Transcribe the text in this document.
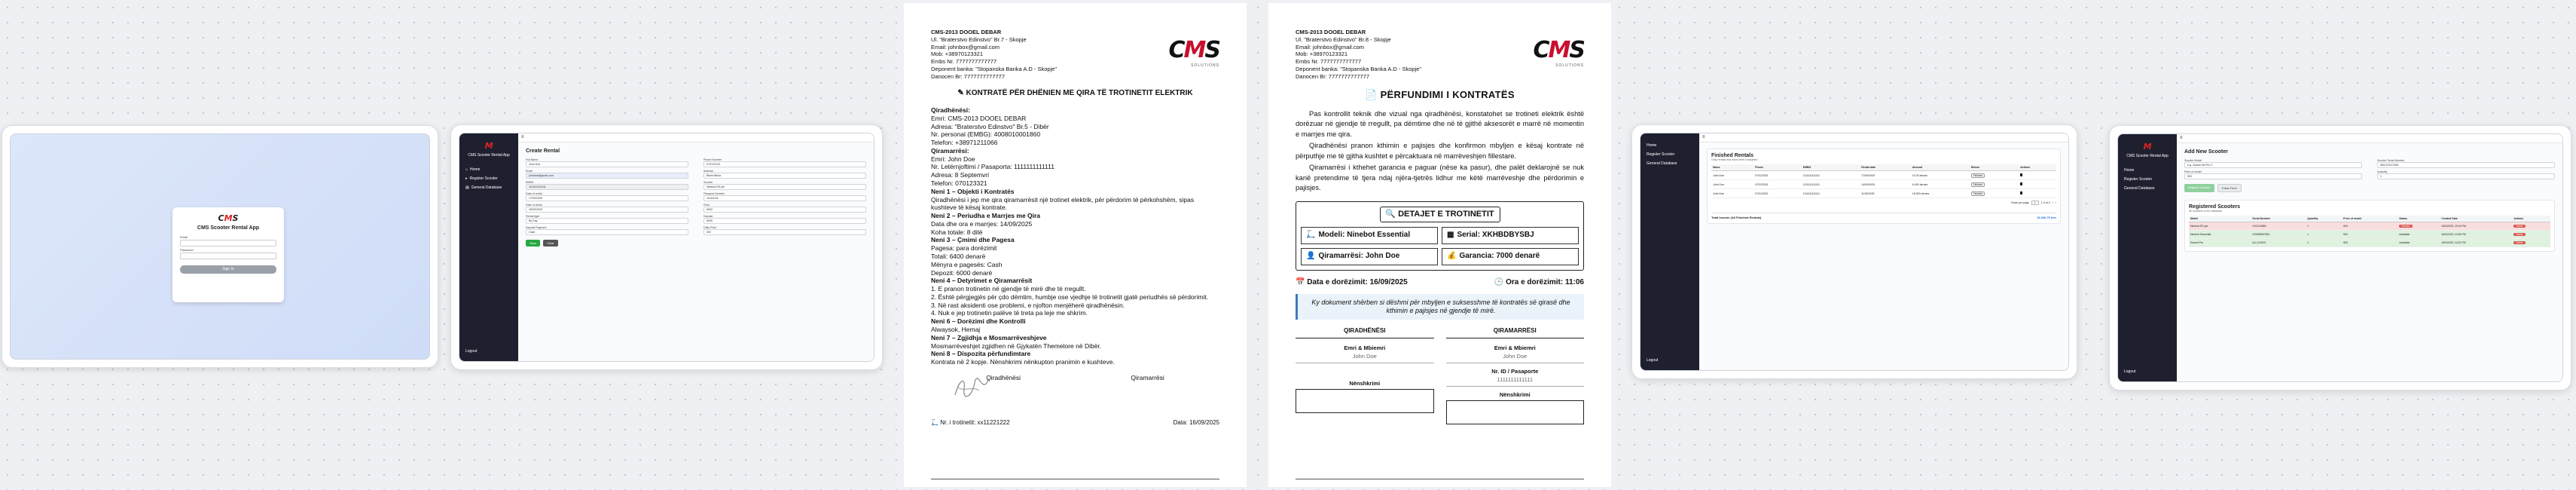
CMS
CMS Scooter Rental App
Email
Password
Sign In
CMS
CMS Scooter Rental App
⌂ Home
▸ Register Scooter
▤ General Database
Logout
≡
Create Rental
Full Name
John Doe
Phone Number
070123123
Email
johndoe@gmail.com
Address
Bitola Bitola
EMBG
1111111111111
Scooter
Ninebot ES ple
Date of rental
17/09/2025
Passport Number
111111111
Date of return
18/09/2025
Price
6000
Rental type
By Day
Deposit
6000
Deposit Payment
Cash
Daily Price
500
Save	Clear
CMS
SOLUTIONS

CMS-2013 DOOEL DEBAR

Ul. "Braterstvo Edinstvo" Br.7 - Skopje

Email: johnbox@gmail.com

Mob: +38970123321

Embs Nr. 7777777777777

Deponent banka: "Stopanska Banka A.D - Skopje"

Danocen Br: 7777777777777

✎ KONTRATË PËR DHËNIEN ME QIRA TË TROTINETIT ELEKTRIK
Qiradhënësi:
Emri: CMS-2013 DOOEL DEBAR
Adresa: "Braterstvo Edinstvo" Br.5 - Dibër
Nr. personal (EMBG): 4008010001860
Telefon: +38971211066
Qiramarrësi:
Emri: John Doe
Nr. Letërnjoftimi / Pasaporta: 1111111111111
Adresa: 8 Septemvri
Telefon: 070123321
Neni 1 – Objekti i Kontratës
Qiradhënësi i jep me qira qiramarrësit një trotinet elektrik, për përdorim të përkohshëm, sipas kushteve të kësaj kontrate.
Neni 2 – Periudha e Marrjes me Qira
Data dhe ora e marrjes: 14/09/2025
Koha totale: 8 ditë
Neni 3 – Çmimi dhe Pagesa
Pagesa: para dorëzimit
Totali: 6400 denarë
Mënyra e pagesës: Cash
Depozit: 6000 denarë
Neni 4 – Detyrimet e Qiramarrësit
1. E pranon trotinetin në gjendje të mirë dhe të rregullt.
2. Është përgjegjës për çdo dëmtim, humbje ose vjedhje të trotinetit gjatë periudhës së përdorimit.
3. Në rast aksidenti ose problemi, e njofton menjëherë qiradhënësin.
4. Nuk e jep trotinetin palëve të treta pa leje me shkrim.
Neni 6 – Dorëzimi dhe Kontrolli
Alwaysok, Hemaj
Neni 7 – Zgjidhja e Mosmarrëveshjeve
Mosmarrëveshjet zgjidhen në Gjykatën Themelore në Dibër.
Neni 8 – Dispozita përfundimtare
Kontrata në 2 kopje. Nënshkrimi nënkupton pranimin e kushteve.
Qiradhënësi	Qiramarrësi
🛴 Nr. i trotinetit: xx11221222	Data: 16/09/2025
CMS
SOLUTIONS

CMS-2013 DOOEL DEBAR

Ul. "Braterstvo Edinstvo" Br.8 - Skopje

Email: johnbox@gmail.com

Mob: +38970123321

Embs Nr. 7777777777777

Deponent banka: "Stopanska Banka A.D - Skopje"

Danocen Br: 7777777777777

📄 PËRFUNDIMI I KONTRATËS

Pas kontrollit teknik dhe vizual nga qiradhënësi, konstatohet se trotineti elektrik është dorëzuar në gjendje të rregullt, pa dëmtime dhe në të gjithë aksesorët e marrë në momentin e marrjes me qira.

Qiradhënësi pranon kthimin e pajisjes dhe konfirmon mbyljen e kësaj kontrate në përputhje me të gjitha kushtet e përcaktuara në marrëveshjen fillestare.

Qiramarrësi i kthehet garancia e paguar (nëse ka pasur), dhe palët deklarojnë se nuk kanë pretendime të tjera ndaj njëra-tjetrës lidhur me këtë marrëveshje dhe përdorimin e pajisjes.

🔍 DETAJET E TROTINETIT
🛴 Modeli: Ninebot Essential	▦ Serial: XKHBDBYSBJ
👤 Qiramarrësi: John Doe	💰 Garancia: 7000 denarë
📅 Data e dorëzimit: 16/09/2025	🕒 Ora e dorëzimit: 11:06
Ky dokument shërben si dëshmi për mbyljen e suksesshme të kontratës së qirasë dhe kthimin e pajisjes në gjendje të mirë.
QIRADHËNËSI
Emri & Mbiemri
John Doe
Nënshkrimi
QIRAMARRËSI
Emri & Mbiemri
John Doe
Nr. ID / Pasaporte
1111111111111
Nënshkrimi
Home
Register Scooter
General Database
Logout
≡
Finished Rentals
Only rentals that have been completed
Name	Phone	EMBG	Rental date	Amount	Return	Actions
John Doe	070123321	1111111111111	17/09/2025	11.00 denars	Finished	
John Doe	070123321	1111111111111	14/09/2025	6.400 denars	Finished	
John Doe	070123321	1111111111111	11/09/2025	18.000 denars	Finished	
Rows per page	1	1-3 of 3 ‹ ›
Total Income (All Finished Rentals)	13.400,75 den
CMS
CMS Scooter Rental App
Home
Register Scooter
General Database
Logout
≡
Add New Scooter
Scooter Model
e.g. Xiaomi M4 Pro 2
Scooter Serial Number
ABC123XYZ89
Price of model
500
Quantity
1
Register Scooter	Clear Form
Registered Scooters
All scooters in the database
Model	Serial Number	Quantity	Price of model	Status	Created Date	Actions
Ninebot ES ple	XX2134589	1	500	Rented	16/9/2025, 23:44 PM	Delete
Ninebot Essential	XKHBDBYSBJ	1	500	Available	16/9/2025, 11:56 PM	Delete
Xiaomi Pro	ALL12GEN	1	500	Available	16/9/2025, 11:52 PM	Delete
